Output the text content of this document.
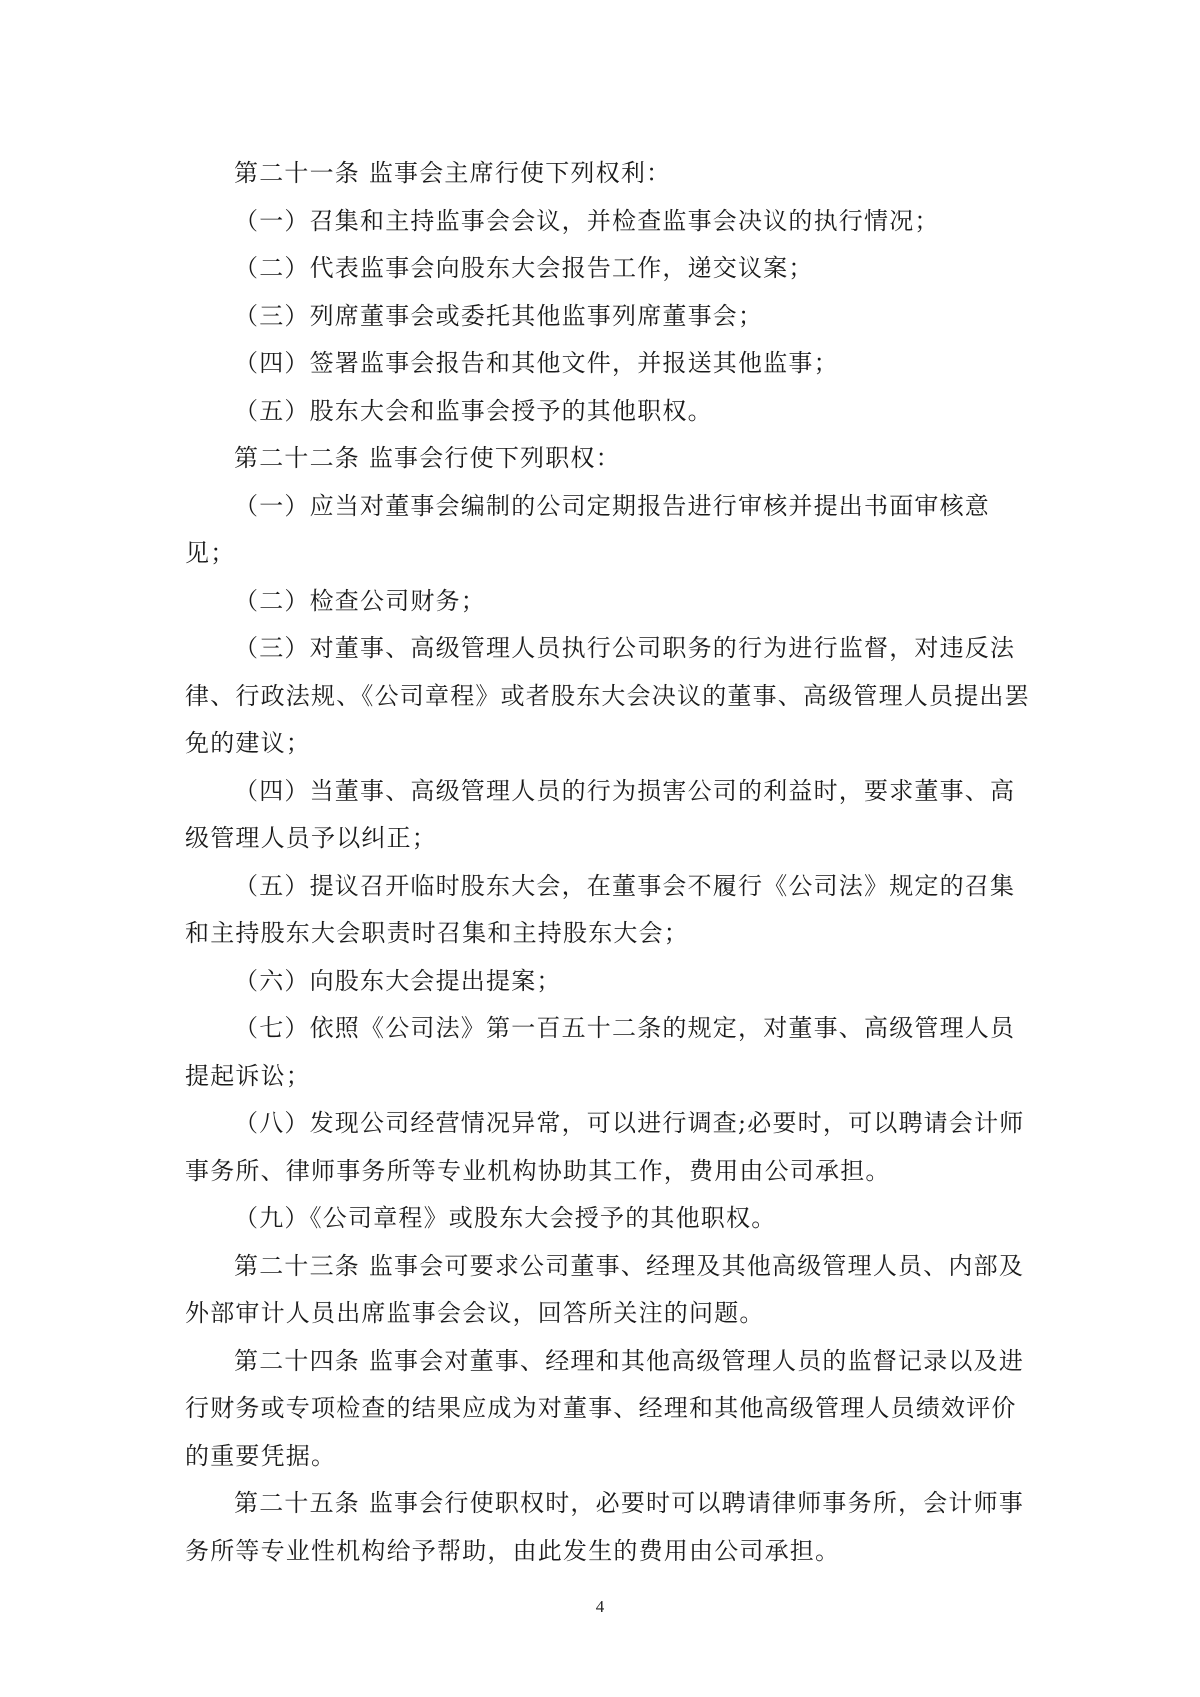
第二十一条 监事会主席行使下列权利：

（一）召集和主持监事会会议，并检查监事会决议的执行情况；

（二）代表监事会向股东大会报告工作，递交议案；

（三）列席董事会或委托其他监事列席董事会；

（四）签署监事会报告和其他文件，并报送其他监事；

（五）股东大会和监事会授予的其他职权。

第二十二条 监事会行使下列职权：

（一）应当对董事会编制的公司定期报告进行审核并提出书面审核意见；

（二）检查公司财务；

（三）对董事、高级管理人员执行公司职务的行为进行监督，对违反法律、行政法规、《公司章程》或者股东大会决议的董事、高级管理人员提出罢免的建议；

（四）当董事、高级管理人员的行为损害公司的利益时，要求董事、高级管理人员予以纠正；

（五）提议召开临时股东大会，在董事会不履行《公司法》规定的召集和主持股东大会职责时召集和主持股东大会；

（六）向股东大会提出提案；

（七）依照《公司法》第一百五十二条的规定，对董事、高级管理人员提起诉讼；

（八）发现公司经营情况异常，可以进行调查;必要时，可以聘请会计师事务所、律师事务所等专业机构协助其工作，费用由公司承担。

（九）《公司章程》或股东大会授予的其他职权。

第二十三条 监事会可要求公司董事、经理及其他高级管理人员、内部及外部审计人员出席监事会会议，回答所关注的问题。

第二十四条 监事会对董事、经理和其他高级管理人员的监督记录以及进行财务或专项检查的结果应成为对董事、经理和其他高级管理人员绩效评价的重要凭据。

第二十五条 监事会行使职权时，必要时可以聘请律师事务所，会计师事务所等专业性机构给予帮助，由此发生的费用由公司承担。

4
